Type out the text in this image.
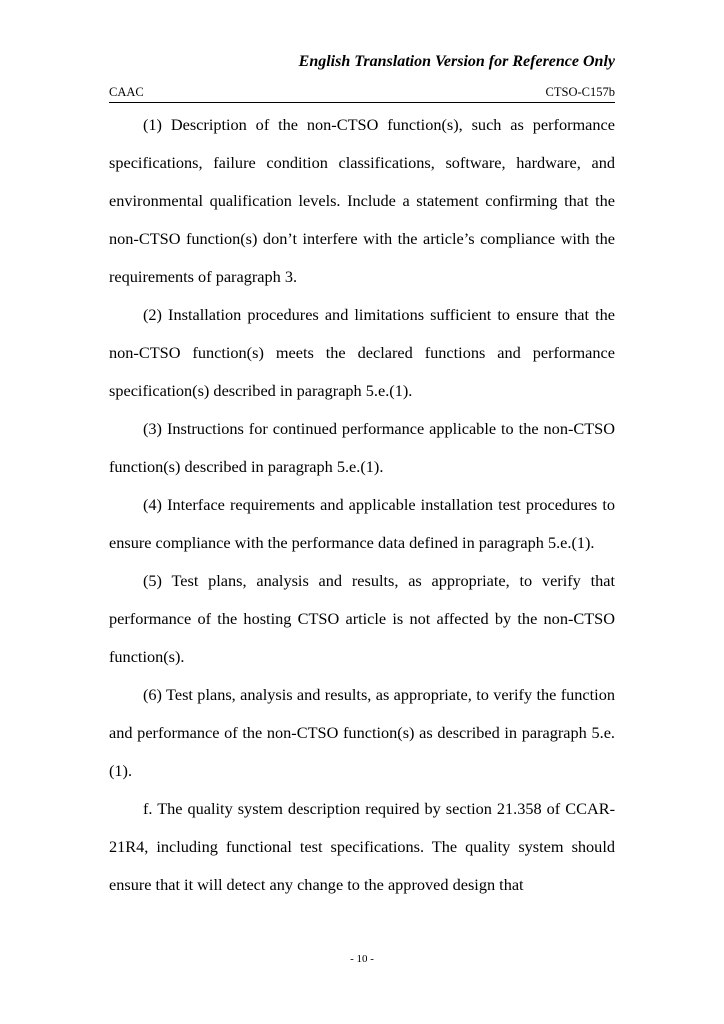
English Translation Version for Reference Only
CAAC	CTSO-C157b

(1) Description of the non-CTSO function(s), such as performance specifications, failure condition classifications, software, hardware, and environmental qualification levels. Include a statement confirming that the non-CTSO function(s) don’t interfere with the article’s compliance with the requirements of paragraph 3.

(2) Installation procedures and limitations sufficient to ensure that the non-CTSO function(s) meets the declared functions and performance specification(s) described in paragraph 5.e.(1).

(3) Instructions for continued performance applicable to the non-CTSO function(s) described in paragraph 5.e.(1).

(4) Interface requirements and applicable installation test procedures to ensure compliance with the performance data defined in paragraph 5.e.(1).

(5) Test plans, analysis and results, as appropriate, to verify that performance of the hosting CTSO article is not affected by the non-CTSO function(s).

(6) Test plans, analysis and results, as appropriate, to verify the function and performance of the non-CTSO function(s) as described in paragraph 5.e.(1).

f. The quality system description required by section 21.358 of CCAR-21R4, including functional test specifications. The quality system should ensure that it will detect any change to the approved design that

- 10 -
